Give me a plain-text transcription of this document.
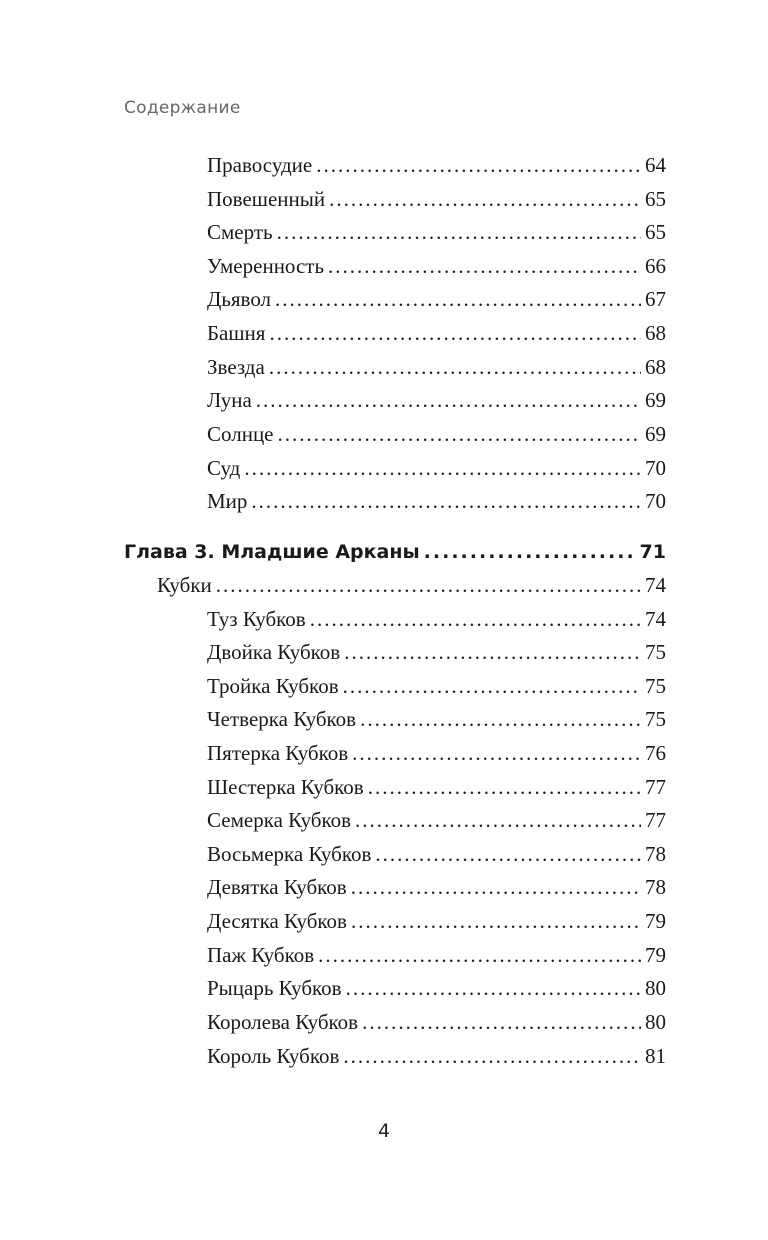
Содержание
Правосудие .....	64
Повешенный .....	65
Смерть .....	65
Умеренность .....	66
Дьявол .....	67
Башня .....	68
Звезда .....	68
Луна .....	69
Солнце .....	69
Суд .....	70
Мир .....	70
Глава 3. Младшие Арканы .....	71
Кубки .....	74
Туз Кубков .....	74
Двойка Кубков .....	75
Тройка Кубков .....	75
Четверка Кубков .....	75
Пятерка Кубков .....	76
Шестерка Кубков .....	77
Семерка Кубков .....	77
Восьмерка Кубков .....	78
Девятка Кубков .....	78
Десятка Кубков .....	79
Паж Кубков .....	79
Рыцарь Кубков .....	80
Королева Кубков .....	80
Король Кубков .....	81
4
